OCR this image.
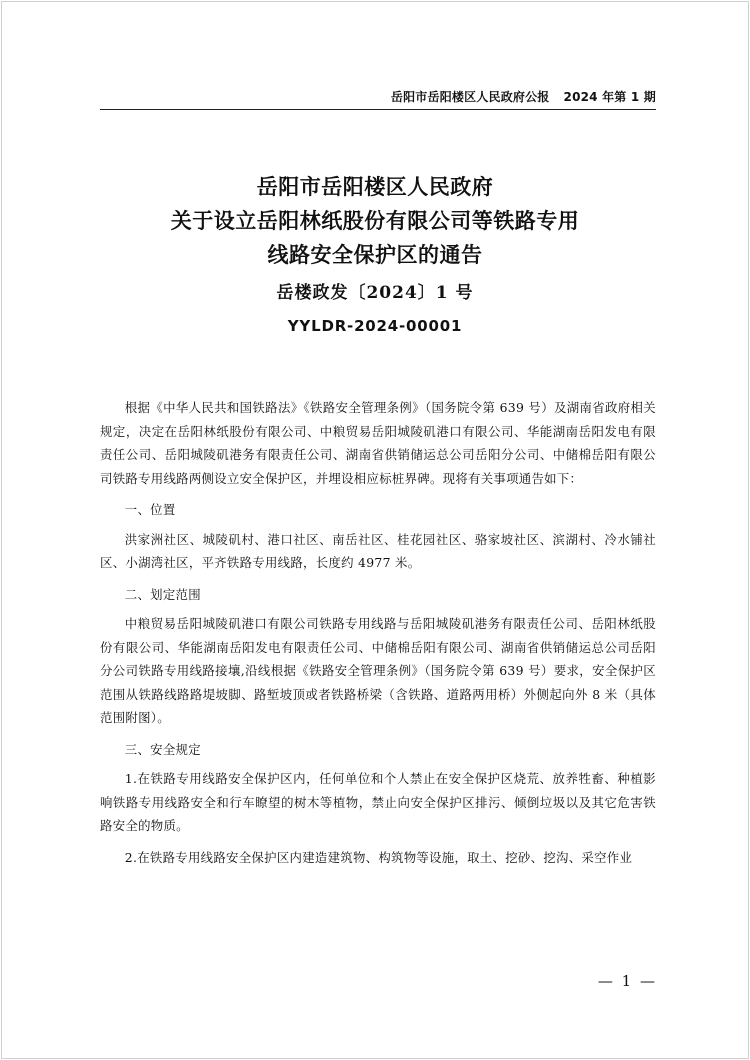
岳阳市岳阳楼区人民政府公报 2024 年第 1 期
岳阳市岳阳楼区人民政府
关于设立岳阳林纸股份有限公司等铁路专用
线路安全保护区的通告
岳楼政发〔2024〕1 号
YYLDR-2024-00001

根据《中华人民共和国铁路法》《铁路安全管理条例》（国务院令第 639 号）及湖南省政府相关规定，决定在岳阳林纸股份有限公司、中粮贸易岳阳城陵矶港口有限公司、华能湖南岳阳发电有限责任公司、岳阳城陵矶港务有限责任公司、湖南省供销储运总公司岳阳分公司、中储棉岳阳有限公司铁路专用线路两侧设立安全保护区，并埋设相应标桩界碑。现将有关事项通告如下：

一、位置

洪家洲社区、城陵矶村、港口社区、南岳社区、桂花园社区、骆家坡社区、滨湖村、冷水铺社区、小湖湾社区，平齐铁路专用线路，长度约 4977 米。

二、划定范围

中粮贸易岳阳城陵矶港口有限公司铁路专用线路与岳阳城陵矶港务有限责任公司、岳阳林纸股份有限公司、华能湖南岳阳发电有限责任公司、中储棉岳阳有限公司、湖南省供销储运总公司岳阳分公司铁路专用线路接壤,沿线根据《铁路安全管理条例》（国务院令第 639 号）要求，安全保护区范围从铁路线路路堤坡脚、路堑坡顶或者铁路桥梁（含铁路、道路两用桥）外侧起向外 8 米（具体范围附图）。

三、安全规定

1.在铁路专用线路安全保护区内，任何单位和个人禁止在安全保护区烧荒、放养牲畜、种植影响铁路专用线路安全和行车瞭望的树木等植物，禁止向安全保护区排污、倾倒垃圾以及其它危害铁路安全的物质。

2.在铁路专用线路安全保护区内建造建筑物、构筑物等设施，取土、挖砂、挖沟、采空作业

— 1 —
